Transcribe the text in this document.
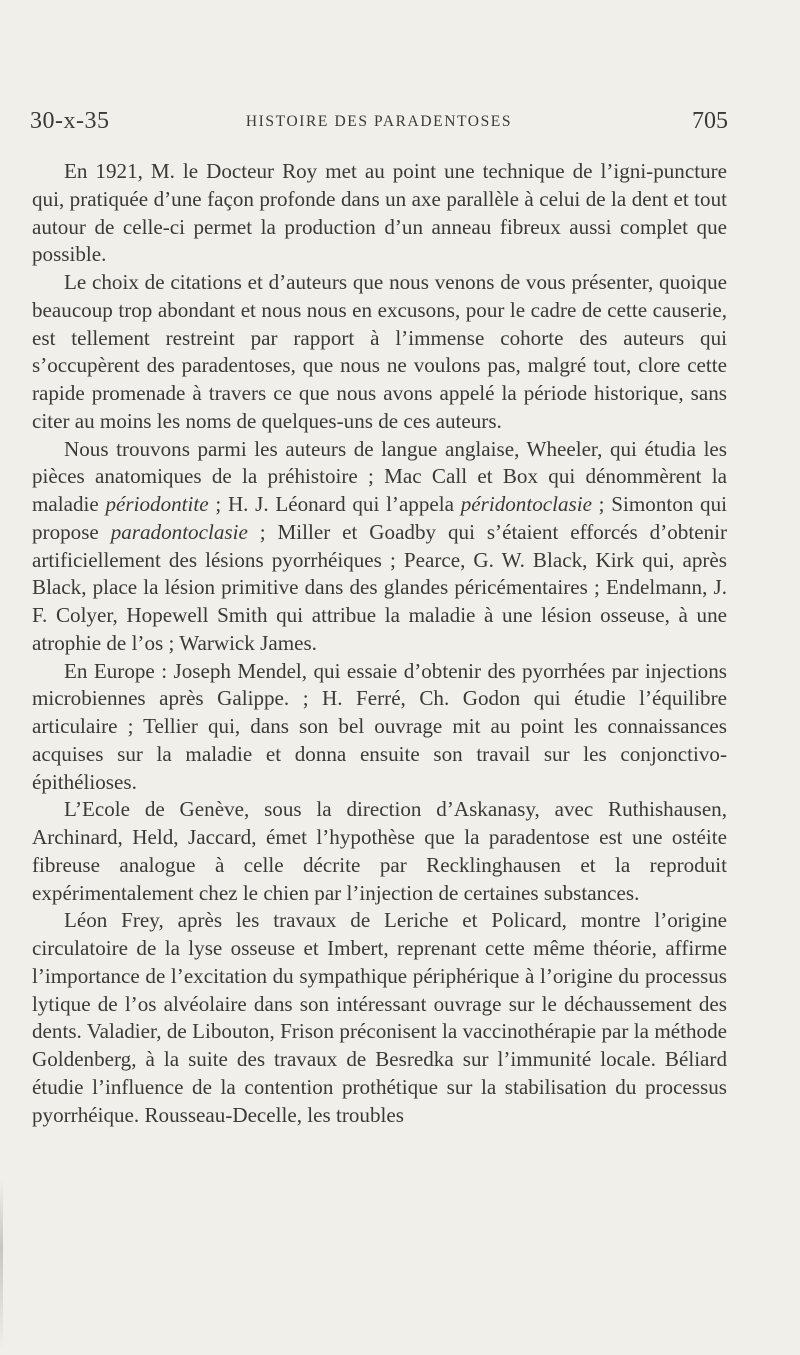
30-x-35	HISTOIRE DES PARADENTOSES	705

En 1921, M. le Docteur Roy met au point une technique de l’igni-puncture qui, pratiquée d’une façon profonde dans un axe parallèle à celui de la dent et tout autour de celle-ci permet la production d’un anneau fibreux aussi complet que possible.

Le choix de citations et d’auteurs que nous venons de vous présenter, quoique beaucoup trop abondant et nous nous en excusons, pour le cadre de cette causerie, est tellement restreint par rapport à l’immense cohorte des auteurs qui s’occupèrent des paradentoses, que nous ne voulons pas, malgré tout, clore cette rapide promenade à travers ce que nous avons appelé la période historique, sans citer au moins les noms de quelques-uns de ces auteurs.

Nous trouvons parmi les auteurs de langue anglaise, Wheeler, qui étudia les pièces anatomiques de la préhistoire ; Mac Call et Box qui dénommèrent la maladie périodontite ; H. J. Léonard qui l’appela péridontoclasie ; Simonton qui propose paradontoclasie ; Miller et Goadby qui s’étaient efforcés d’obtenir artificiellement des lésions pyorrhéiques ; Pearce, G. W. Black, Kirk qui, après Black, place la lésion primitive dans des glandes péricémentaires ; Endelmann, J. F. Colyer, Hopewell Smith qui attribue la maladie à une lésion osseuse, à une atrophie de l’os ; Warwick James.

En Europe : Joseph Mendel, qui essaie d’obtenir des pyorrhées par injections microbiennes après Galippe. ; H. Ferré, Ch. Godon qui étudie l’équilibre articulaire ; Tellier qui, dans son bel ouvrage mit au point les connaissances acquises sur la maladie et donna ensuite son travail sur les conjonctivo-épithélioses.

L’Ecole de Genève, sous la direction d’Askanasy, avec Ruthishausen, Archinard, Held, Jaccard, émet l’hypothèse que la paradentose est une ostéite fibreuse analogue à celle décrite par Recklinghausen et la reproduit expérimentalement chez le chien par l’injection de certaines substances.

Léon Frey, après les travaux de Leriche et Policard, montre l’origine circulatoire de la lyse osseuse et Imbert, reprenant cette même théorie, affirme l’importance de l’excitation du sympathique périphérique à l’origine du processus lytique de l’os alvéolaire dans son intéressant ouvrage sur le déchaussement des dents. Valadier, de Libouton, Frison préconisent la vaccinothérapie par la méthode Goldenberg, à la suite des travaux de Besredka sur l’immunité locale. Béliard étudie l’influence de la contention prothétique sur la stabilisation du processus pyorrhéique. Rousseau-Decelle, les troubles
